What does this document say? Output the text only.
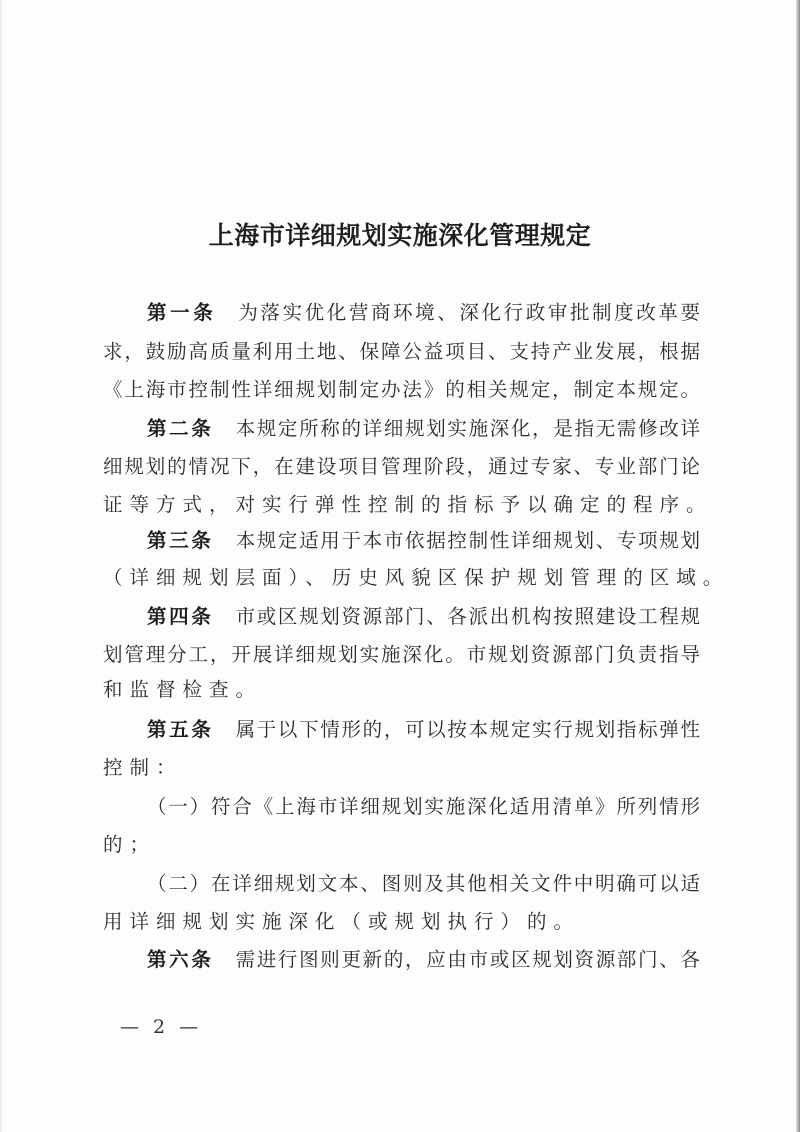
上海市详细规划实施深化管理规定
第一条 为落实优化营商环境、深化行政审批制度改革要
求，鼓励高质量利用土地、保障公益项目、支持产业发展，根据
《上海市控制性详细规划制定办法》的相关规定，制定本规定。
第二条 本规定所称的详细规划实施深化，是指无需修改详
细规划的情况下，在建设项目管理阶段，通过专家、专业部门论
证等方式，对实行弹性控制的指标予以确定的程序。
第三条 本规定适用于本市依据控制性详细规划、专项规划
（详细规划层面）、历史风貌区保护规划管理的区域。
第四条 市或区规划资源部门、各派出机构按照建设工程规
划管理分工，开展详细规划实施深化。市规划资源部门负责指导
和监督检查。
第五条 属于以下情形的，可以按本规定实行规划指标弹性
控制：
（一）符合《上海市详细规划实施深化适用清单》所列情形
的；
（二）在详细规划文本、图则及其他相关文件中明确可以适
用详细规划实施深化（或规划执行）的。
第六条 需进行图则更新的，应由市或区规划资源部门、各
— 2 —
